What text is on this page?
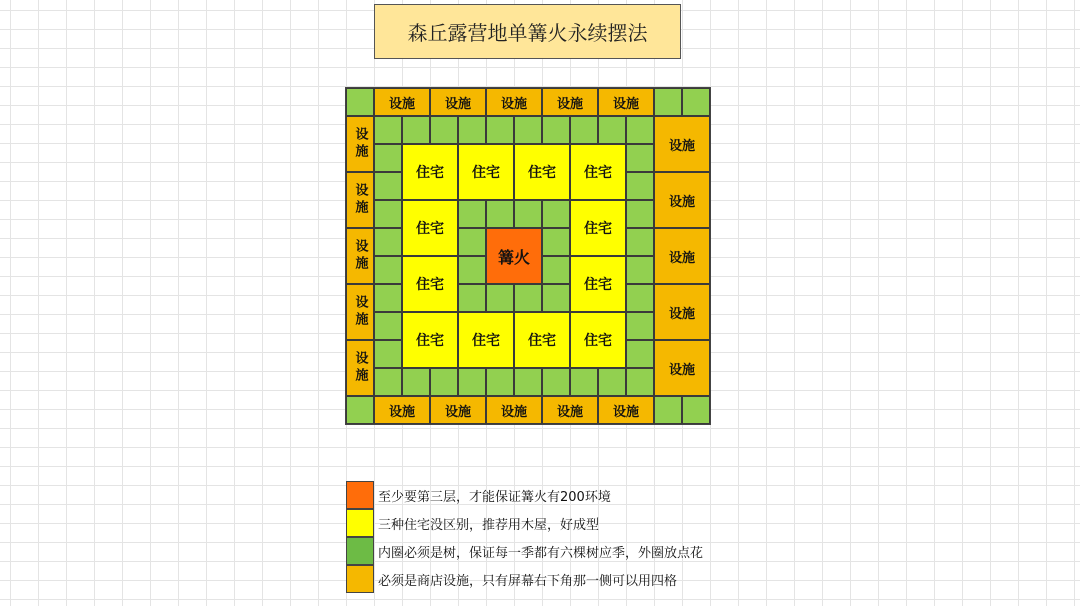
森丘露营地单篝火永续摆法
设施	设施	设施	设施	设施
设施
设施
设施
设施
设施
设施
设施
设施
设施
设施
住宅	住宅	住宅	住宅
住宅	住宅
住宅	住宅
住宅	住宅	住宅	住宅
篝火
设施	设施	设施	设施	设施
至少要第三层，才能保证篝火有200环境
三种住宅没区别，推荐用木屋，好成型
内圈必须是树，保证每一季都有六棵树应季，外圈放点花
必须是商店设施，只有屏幕右下角那一侧可以用四格
